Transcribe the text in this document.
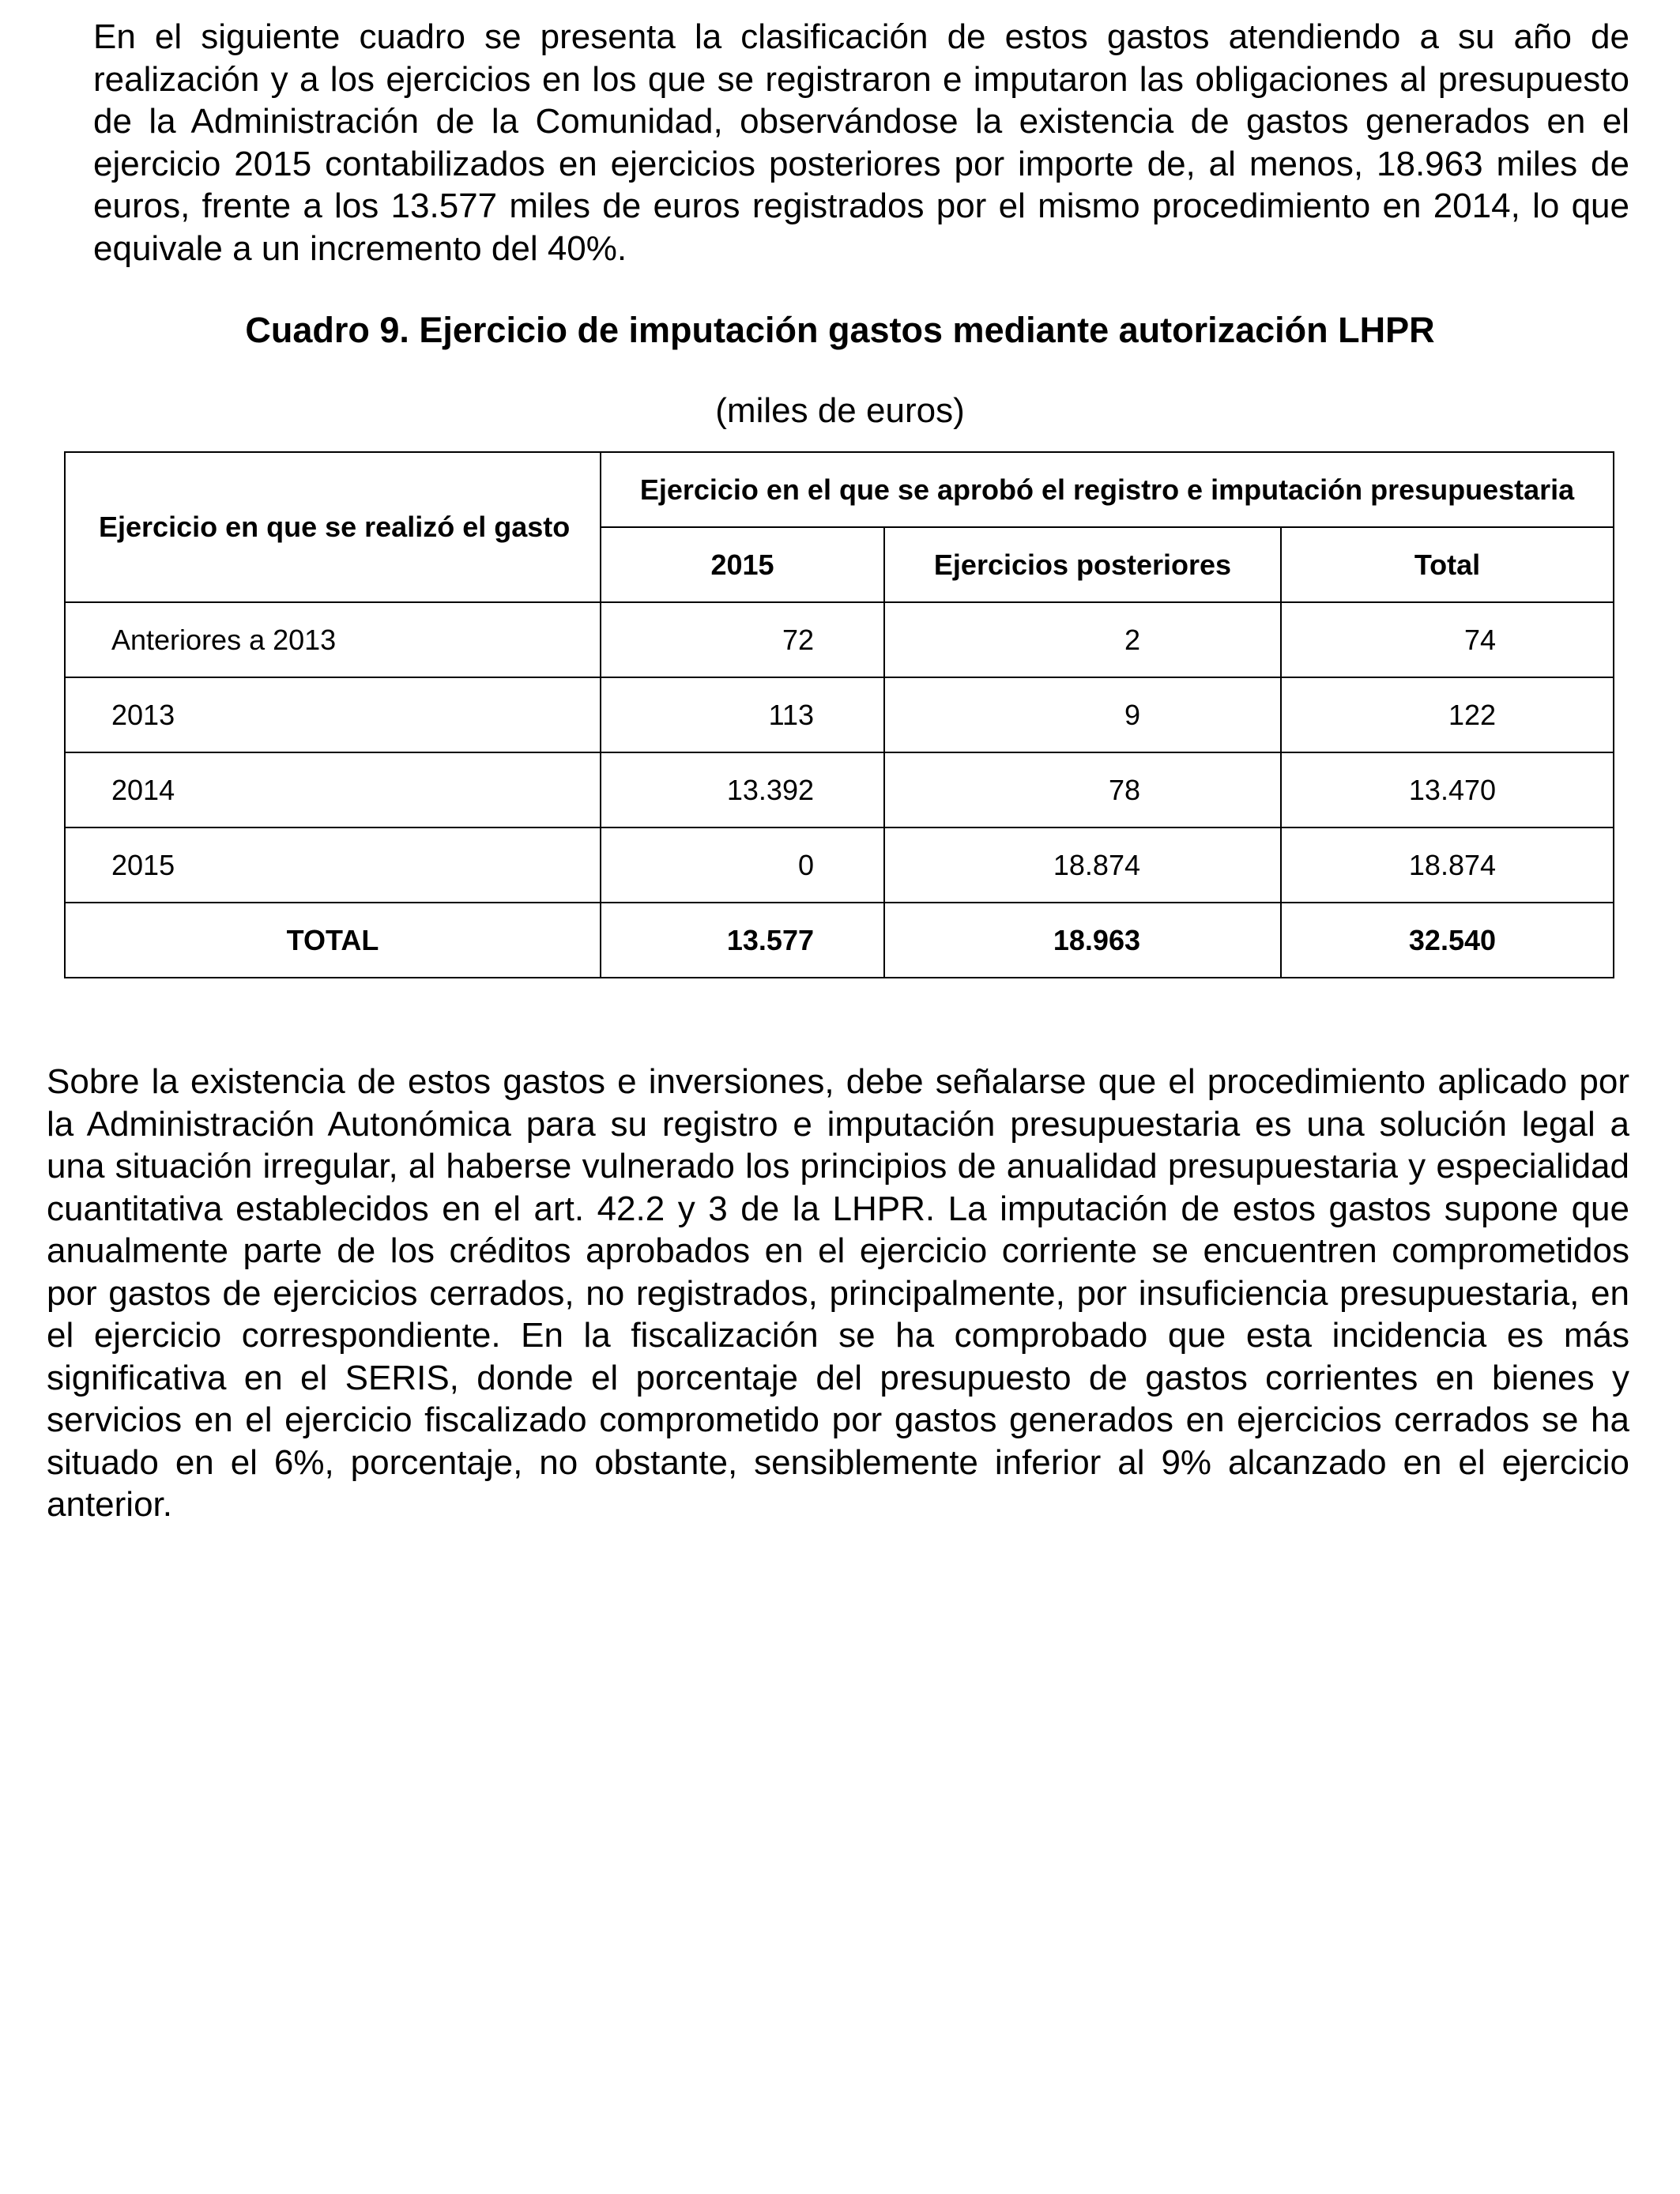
En el siguiente cuadro se presenta la clasificación de estos gastos atendiendo a su año de realización y a los ejercicios en los que se registraron e imputaron las obligaciones al presupuesto de la Administración de la Comunidad, observándose la existencia de gastos generados en el ejercicio 2015 contabilizados en ejercicios posteriores por importe de, al menos, 18.963 miles de euros, frente a los 13.577 miles de euros registrados por el mismo procedimiento en 2014, lo que equivale a un incremento del 40%.

Cuadro 9. Ejercicio de imputación gastos mediante autorización LHPR

(miles de euros)

Ejercicio en que se realizó el gasto	Ejercicio en el que se aprobó el registro e imputación presupuestaria		
	2015	Ejercicios posteriores	Total
Anteriores a 2013	72	2	74
2013	113	9	122
2014	13.392	78	13.470
2015	0	18.874	18.874
TOTAL	13.577	18.963	32.540

Sobre la existencia de estos gastos e inversiones, debe señalarse que el procedimiento aplicado por la Administración Autonómica para su registro e imputación presupuestaria es una solución legal a una situación irregular, al haberse vulnerado los principios de anualidad presupuestaria y especialidad cuantitativa establecidos en el art. 42.2 y 3 de la LHPR. La imputación de estos gastos supone que anualmente parte de los créditos aprobados en el ejercicio corriente se encuentren comprometidos por gastos de ejercicios cerrados, no registrados, principalmente, por insuficiencia presupuestaria, en el ejercicio correspondiente. En la fiscalización se ha comprobado que esta incidencia es más significativa en el SERIS, donde el porcentaje del presupuesto de gastos corrientes en bienes y servicios en el ejercicio fiscalizado comprometido por gastos generados en ejercicios cerrados se ha situado en el 6%, porcentaje, no obstante, sensiblemente inferior al 9% alcanzado en el ejercicio anterior.
